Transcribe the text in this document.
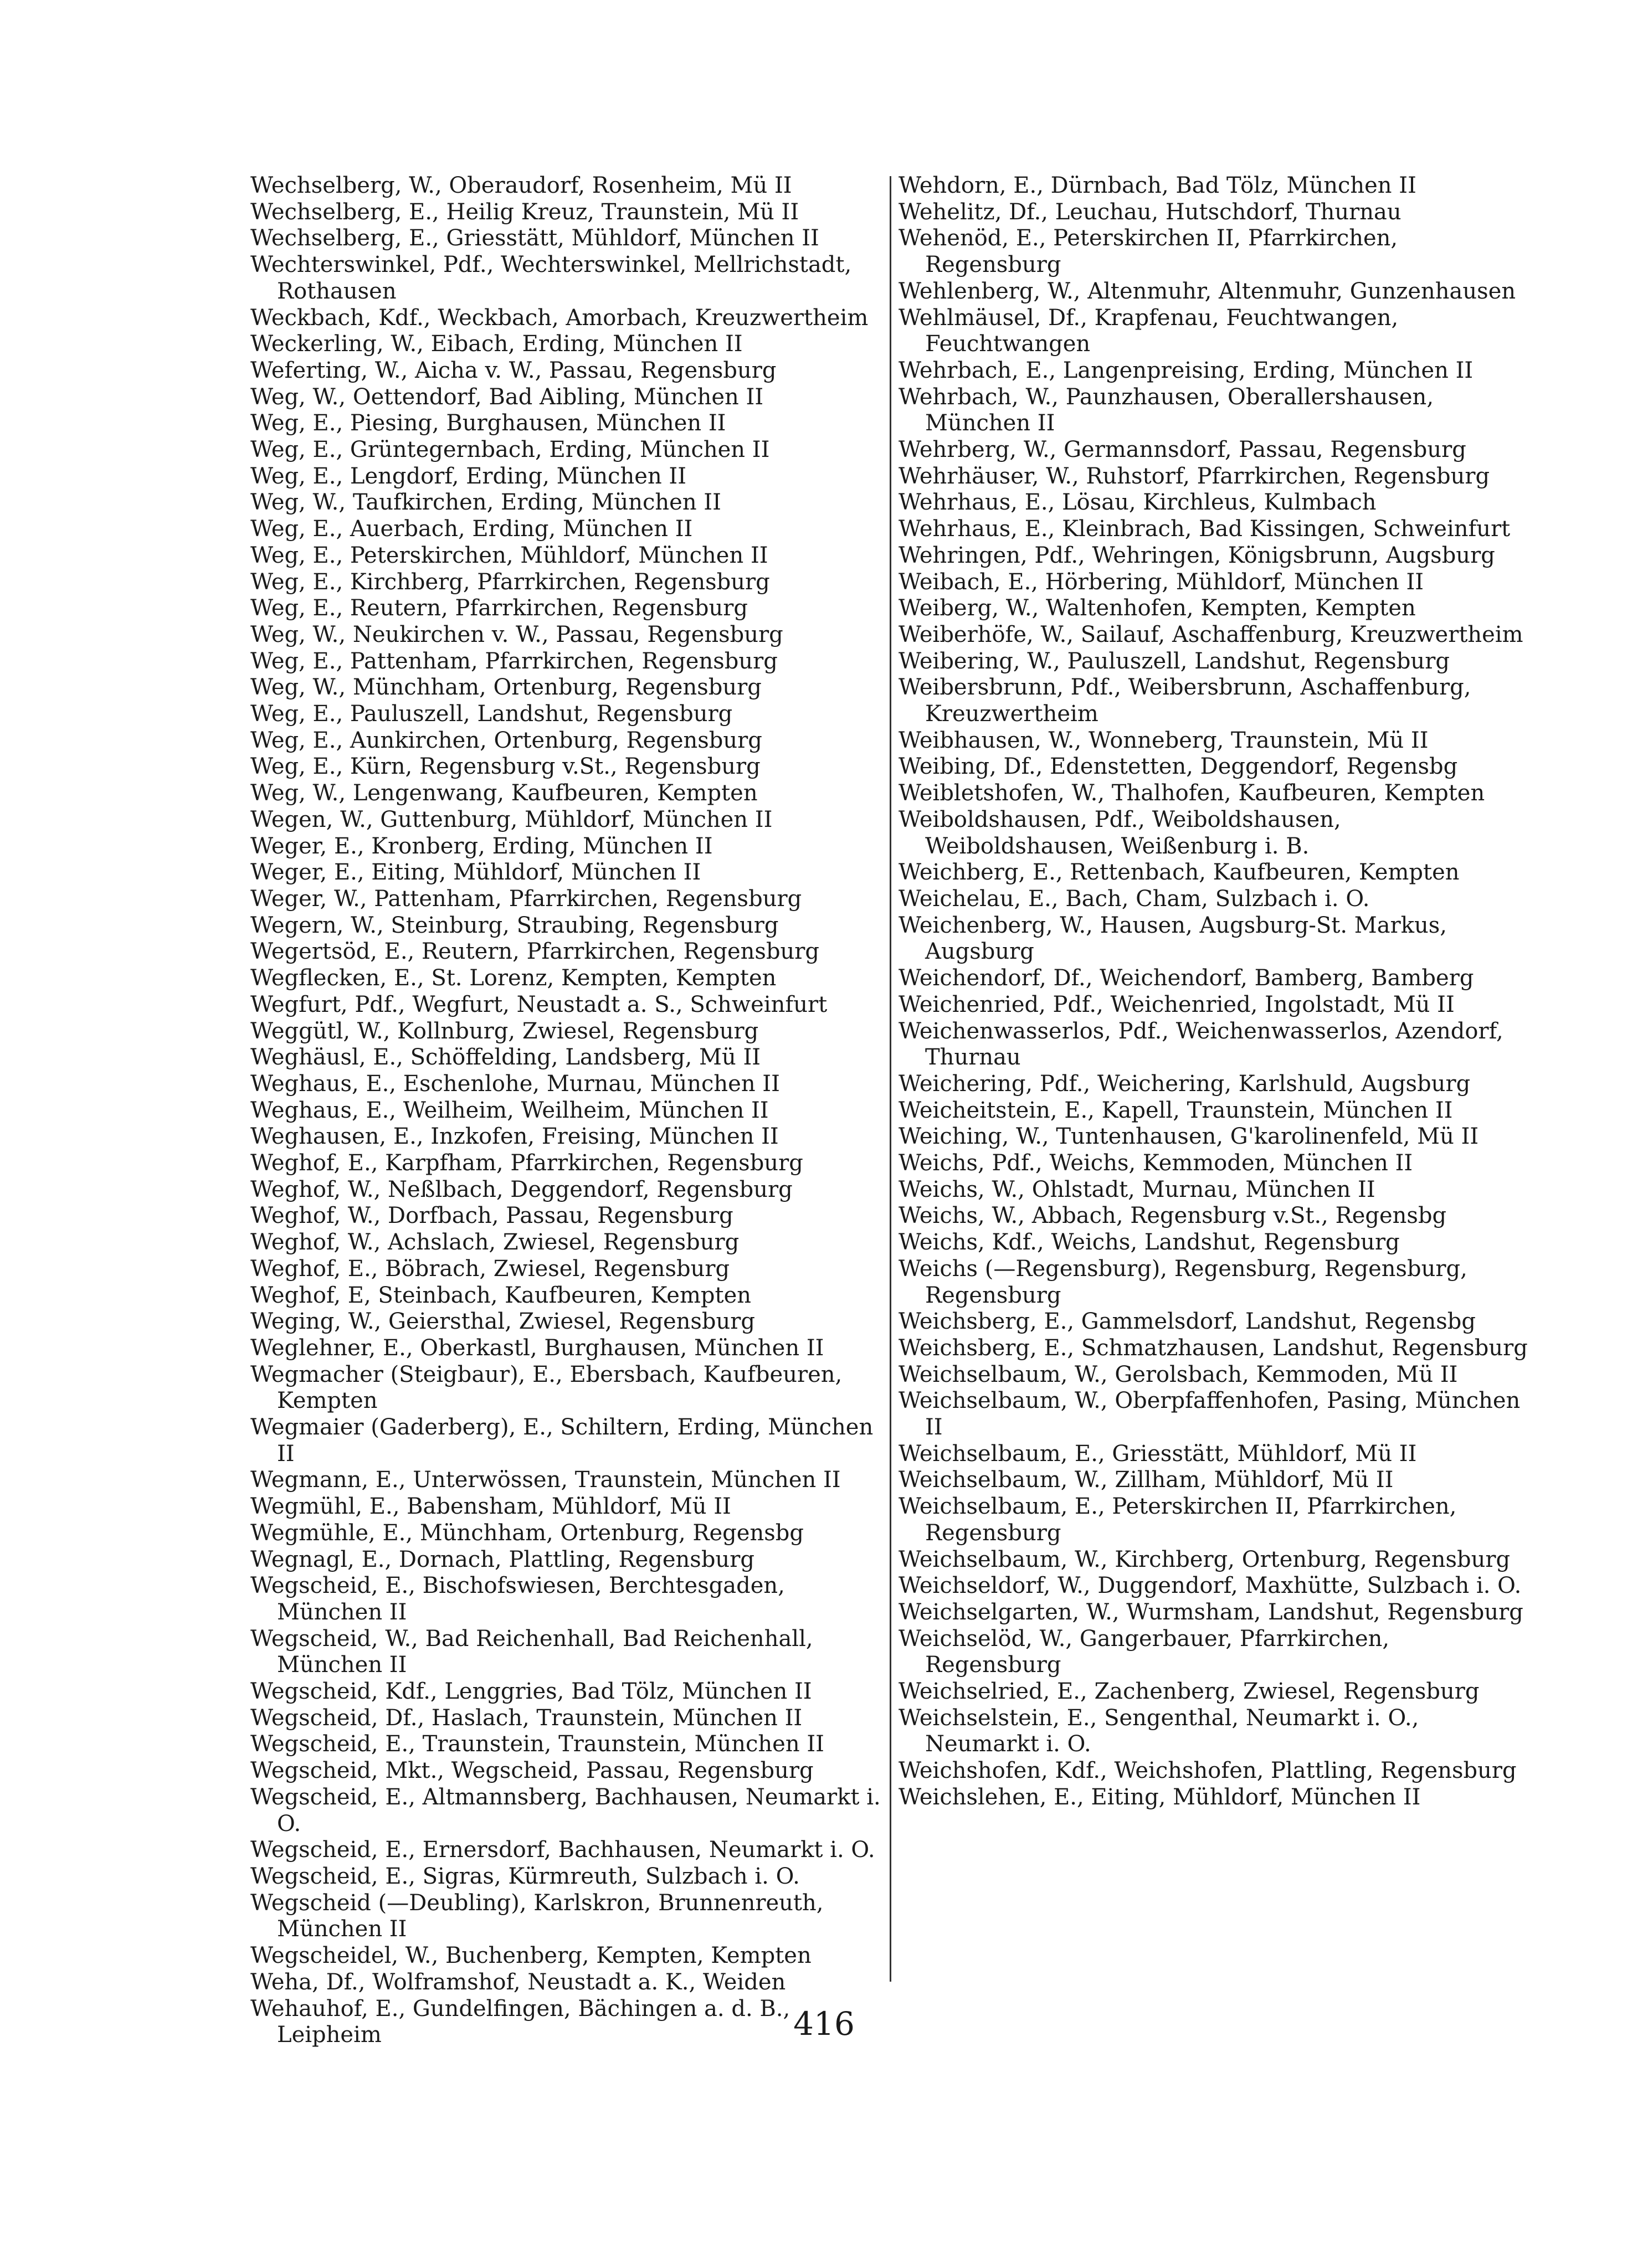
Wechselberg, W., Oberaudorf, Rosenheim, Mü II
Wechselberg, E., Heilig Kreuz, Traunstein, Mü II
Wechselberg, E., Griesstätt, Mühldorf, München II
Wechterswinkel, Pdf., Wechterswinkel, Mellrichstadt, Rothausen
Weckbach, Kdf., Weckbach, Amorbach, Kreuzwertheim
Weckerling, W., Eibach, Erding, München II
Weferting, W., Aicha v. W., Passau, Regensburg
Weg, W., Oettendorf, Bad Aibling, München II
Weg, E., Piesing, Burghausen, München II
Weg, E., Grüntegernbach, Erding, München II
Weg, E., Lengdorf, Erding, München II
Weg, W., Taufkirchen, Erding, München II
Weg, E., Auerbach, Erding, München II
Weg, E., Peterskirchen, Mühldorf, München II
Weg, E., Kirchberg, Pfarrkirchen, Regensburg
Weg, E., Reutern, Pfarrkirchen, Regensburg
Weg, W., Neukirchen v. W., Passau, Regensburg
Weg, E., Pattenham, Pfarrkirchen, Regensburg
Weg, W., Münchham, Ortenburg, Regensburg
Weg, E., Pauluszell, Landshut, Regensburg
Weg, E., Aunkirchen, Ortenburg, Regensburg
Weg, E., Kürn, Regensburg v.St., Regensburg
Weg, W., Lengenwang, Kaufbeuren, Kempten
Wegen, W., Guttenburg, Mühldorf, München II
Weger, E., Kronberg, Erding, München II
Weger, E., Eiting, Mühldorf, München II
Weger, W., Pattenham, Pfarrkirchen, Regensburg
Wegern, W., Steinburg, Straubing, Regensburg
Wegertsöd, E., Reutern, Pfarrkirchen, Regensburg
Wegflecken, E., St. Lorenz, Kempten, Kempten
Wegfurt, Pdf., Wegfurt, Neustadt a. S., Schweinfurt
Weggütl, W., Kollnburg, Zwiesel, Regensburg
Weghäusl, E., Schöffelding, Landsberg, Mü II
Weghaus, E., Eschenlohe, Murnau, München II
Weghaus, E., Weilheim, Weilheim, München II
Weghausen, E., Inzkofen, Freising, München II
Weghof, E., Karpfham, Pfarrkirchen, Regensburg
Weghof, W., Neßlbach, Deggendorf, Regensburg
Weghof, W., Dorfbach, Passau, Regensburg
Weghof, W., Achslach, Zwiesel, Regensburg
Weghof, E., Böbrach, Zwiesel, Regensburg
Weghof, E, Steinbach, Kaufbeuren, Kempten
Weging, W., Geiersthal, Zwiesel, Regensburg
Weglehner, E., Oberkastl, Burghausen, München II
Wegmacher (Steigbaur), E., Ebersbach, Kaufbeuren, Kempten
Wegmaier (Gaderberg), E., Schiltern, Erding, München II
Wegmann, E., Unterwössen, Traunstein, München II
Wegmühl, E., Babensham, Mühldorf, Mü II
Wegmühle, E., Münchham, Ortenburg, Regensbg
Wegnagl, E., Dornach, Plattling, Regensburg
Wegscheid, E., Bischofswiesen, Berchtesgaden, München II
Wegscheid, W., Bad Reichenhall, Bad Reichenhall, München II
Wegscheid, Kdf., Lenggries, Bad Tölz, München II
Wegscheid, Df., Haslach, Traunstein, München II
Wegscheid, E., Traunstein, Traunstein, München II
Wegscheid, Mkt., Wegscheid, Passau, Regensburg
Wegscheid, E., Altmannsberg, Bachhausen, Neumarkt i. O.
Wegscheid, E., Ernersdorf, Bachhausen, Neumarkt i. O.
Wegscheid, E., Sigras, Kürmreuth, Sulzbach i. O.
Wegscheid (—Deubling), Karlskron, Brunnenreuth, München II
Wegscheidel, W., Buchenberg, Kempten, Kempten
Weha, Df., Wolframshof, Neustadt a. K., Weiden
Wehauhof, E., Gundelfingen, Bächingen a. d. B., Leipheim
Wehdorn, E., Dürnbach, Bad Tölz, München II
Wehelitz, Df., Leuchau, Hutschdorf, Thurnau
Wehenöd, E., Peterskirchen II, Pfarrkirchen, Regensburg
Wehlenberg, W., Altenmuhr, Altenmuhr, Gunzenhausen
Wehlmäusel, Df., Krapfenau, Feuchtwangen, Feuchtwangen
Wehrbach, E., Langenpreising, Erding, München II
Wehrbach, W., Paunzhausen, Oberallershausen, München II
Wehrberg, W., Germannsdorf, Passau, Regensburg
Wehrhäuser, W., Ruhstorf, Pfarrkirchen, Regensburg
Wehrhaus, E., Lösau, Kirchleus, Kulmbach
Wehrhaus, E., Kleinbrach, Bad Kissingen, Schweinfurt
Wehringen, Pdf., Wehringen, Königsbrunn, Augsburg
Weibach, E., Hörbering, Mühldorf, München II
Weiberg, W., Waltenhofen, Kempten, Kempten
Weiberhöfe, W., Sailauf, Aschaffenburg, Kreuzwertheim
Weibering, W., Pauluszell, Landshut, Regensburg
Weibersbrunn, Pdf., Weibersbrunn, Aschaffenburg, Kreuzwertheim
Weibhausen, W., Wonneberg, Traunstein, Mü II
Weibing, Df., Edenstetten, Deggendorf, Regensbg
Weibletshofen, W., Thalhofen, Kaufbeuren, Kempten
Weiboldshausen, Pdf., Weiboldshausen, Weiboldshausen, Weißenburg i. B.
Weichberg, E., Rettenbach, Kaufbeuren, Kempten
Weichelau, E., Bach, Cham, Sulzbach i. O.
Weichenberg, W., Hausen, Augsburg-St. Markus, Augsburg
Weichendorf, Df., Weichendorf, Bamberg, Bamberg
Weichenried, Pdf., Weichenried, Ingolstadt, Mü II
Weichenwasserlos, Pdf., Weichenwasserlos, Azendorf, Thurnau
Weichering, Pdf., Weichering, Karlshuld, Augsburg
Weicheitstein, E., Kapell, Traunstein, München II
Weiching, W., Tuntenhausen, G'karolinenfeld, Mü II
Weichs, Pdf., Weichs, Kemmoden, München II
Weichs, W., Ohlstadt, Murnau, München II
Weichs, W., Abbach, Regensburg v.St., Regensbg
Weichs, Kdf., Weichs, Landshut, Regensburg
Weichs (—Regensburg), Regensburg, Regensburg, Regensburg
Weichsberg, E., Gammelsdorf, Landshut, Regensbg
Weichsberg, E., Schmatzhausen, Landshut, Regensburg
Weichselbaum, W., Gerolsbach, Kemmoden, Mü II
Weichselbaum, W., Oberpfaffenhofen, Pasing, München II
Weichselbaum, E., Griesstätt, Mühldorf, Mü II
Weichselbaum, W., Zillham, Mühldorf, Mü II
Weichselbaum, E., Peterskirchen II, Pfarrkirchen, Regensburg
Weichselbaum, W., Kirchberg, Ortenburg, Regensburg
Weichseldorf, W., Duggendorf, Maxhütte, Sulzbach i. O.
Weichselgarten, W., Wurmsham, Landshut, Regensburg
Weichselöd, W., Gangerbauer, Pfarrkirchen, Regensburg
Weichselried, E., Zachenberg, Zwiesel, Regensburg
Weichselstein, E., Sengenthal, Neumarkt i. O., Neumarkt i. O.
Weichshofen, Kdf., Weichshofen, Plattling, Regensburg
Weichslehen, E., Eiting, Mühldorf, München II
416
